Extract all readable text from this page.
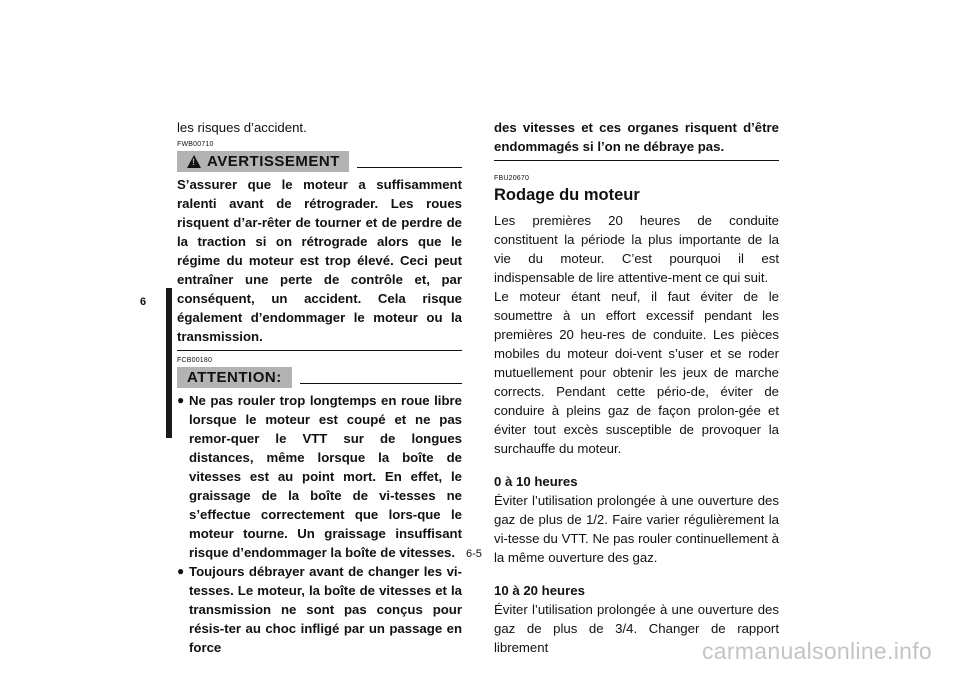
6
les risques d’accident.
FWB00710
! AVERTISSEMENT
S’assurer que le moteur a suffisamment ralenti avant de rétrograder. Les roues risquent d’ar-rêter de tourner et de perdre de la traction si on rétrograde alors que le régime du moteur est trop élevé. Ceci peut entraîner une perte de contrôle et, par conséquent, un accident. Cela risque également d’endommager le moteur ou la transmission.
FCB00180
ATTENTION:
● Ne pas rouler trop longtemps en roue libre lorsque le moteur est coupé et ne pas remor-quer le VTT sur de longues distances, même lorsque la boîte de vitesses est au point mort. En effet, le graissage de la boîte de vi-tesses ne s’effectue correctement que lors-que le moteur tourne. Un graissage insuffisant risque d’endommager la boîte de vitesses.
● Toujours débrayer avant de changer les vi-tesses. Le moteur, la boîte de vitesses et la transmission ne sont pas conçus pour résis-ter au choc infligé par un passage en force
des vitesses et ces organes risquent d’être endommagés si l’on ne débraye pas.
FBU20670
Rodage du moteur
Les premières 20 heures de conduite constituent la période la plus importante de la vie du moteur. C’est pourquoi il est indispensable de lire attentive-ment ce qui suit.
Le moteur étant neuf, il faut éviter de le soumettre à un effort excessif pendant les premières 20 heu-res de conduite. Les pièces mobiles du moteur doi-vent s’user et se roder mutuellement pour obtenir les jeux de marche corrects. Pendant cette pério-de, éviter de conduire à pleins gaz de façon prolon-gée et éviter tout excès susceptible de provoquer la surchauffe du moteur.
0 à 10 heures
Éviter l’utilisation prolongée à une ouverture des gaz de plus de 1/2. Faire varier régulièrement la vi-tesse du VTT. Ne pas rouler continuellement à la même ouverture des gaz.
10 à 20 heures
Éviter l’utilisation prolongée à une ouverture des gaz de plus de 3/4. Changer de rapport librement
6-5
carmanualsonline.info
